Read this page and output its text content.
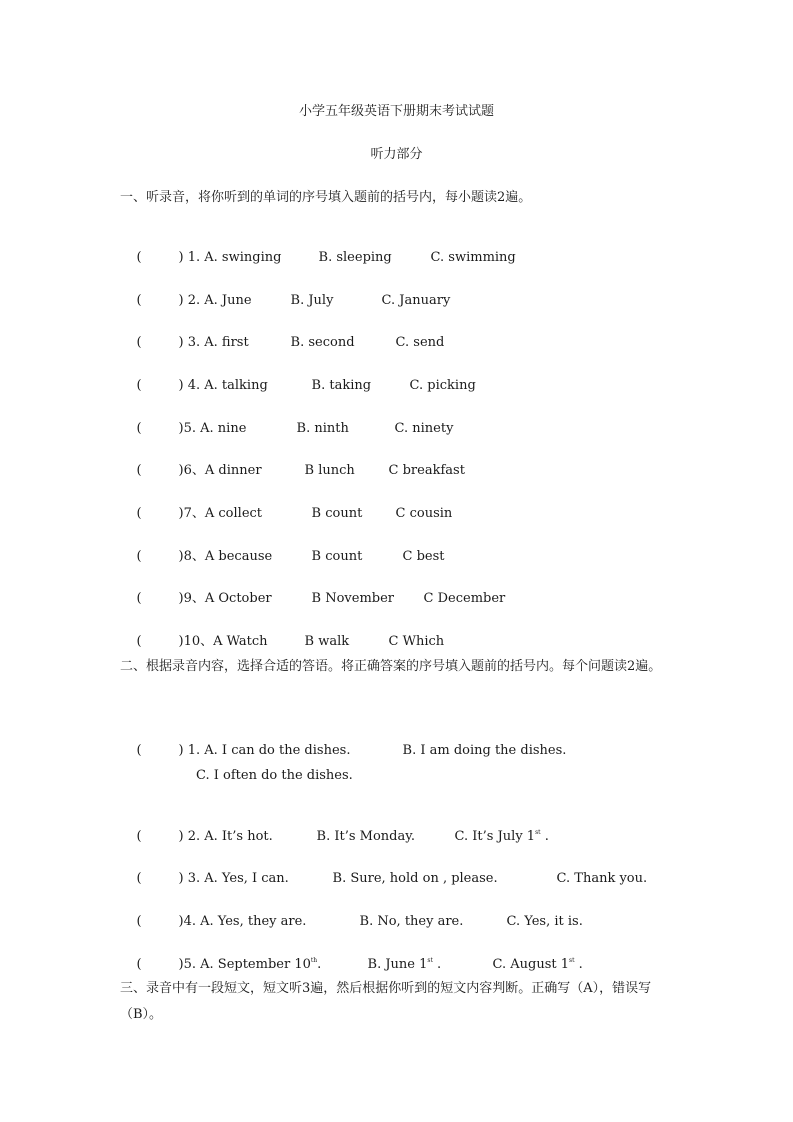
小学五年级英语下册期末考试试题
听力部分
一、听录音，将你听到的单词的序号填入题前的括号内，每小题读2遍。

(	) 1. A. swinging	B. sleeping	C. swimming

(	) 2. A. June	B. July	C. January

(	) 3. A. first	B. second	C. send

(	) 4. A. talking	B. taking	C. picking

(	)5. A. nine	B. ninth	C. ninety

(	)6、A dinner	B lunch	C breakfast

(	)7、A collect	B count	C cousin

(	)8、A because	B count	C best

(	)9、A October	B November C December

(	)10、A Watch	B walk	C Which

二、根据录音内容，选择合适的答语。将正确答案的序号填入题前的括号内。每个问题读2遍。

(	) 1. A. I can do the dishes.	B. I am doing the dishes.

C. I often do the dishes.

(	) 2. A. It’s hot.	B. It’s Monday.	C. It’s July 1st .

(	) 3. A. Yes, I can.	B. Sure, hold on , please.	C. Thank you.

(	)4. A. Yes, they are.	B. No, they are.	C. Yes, it is.

(	)5. A. September 10th.	B. June 1st .	C. August 1st .

三、录音中有一段短文，短文听3遍，然后根据你听到的短文内容判断。正确写（A），错误写（B）。
